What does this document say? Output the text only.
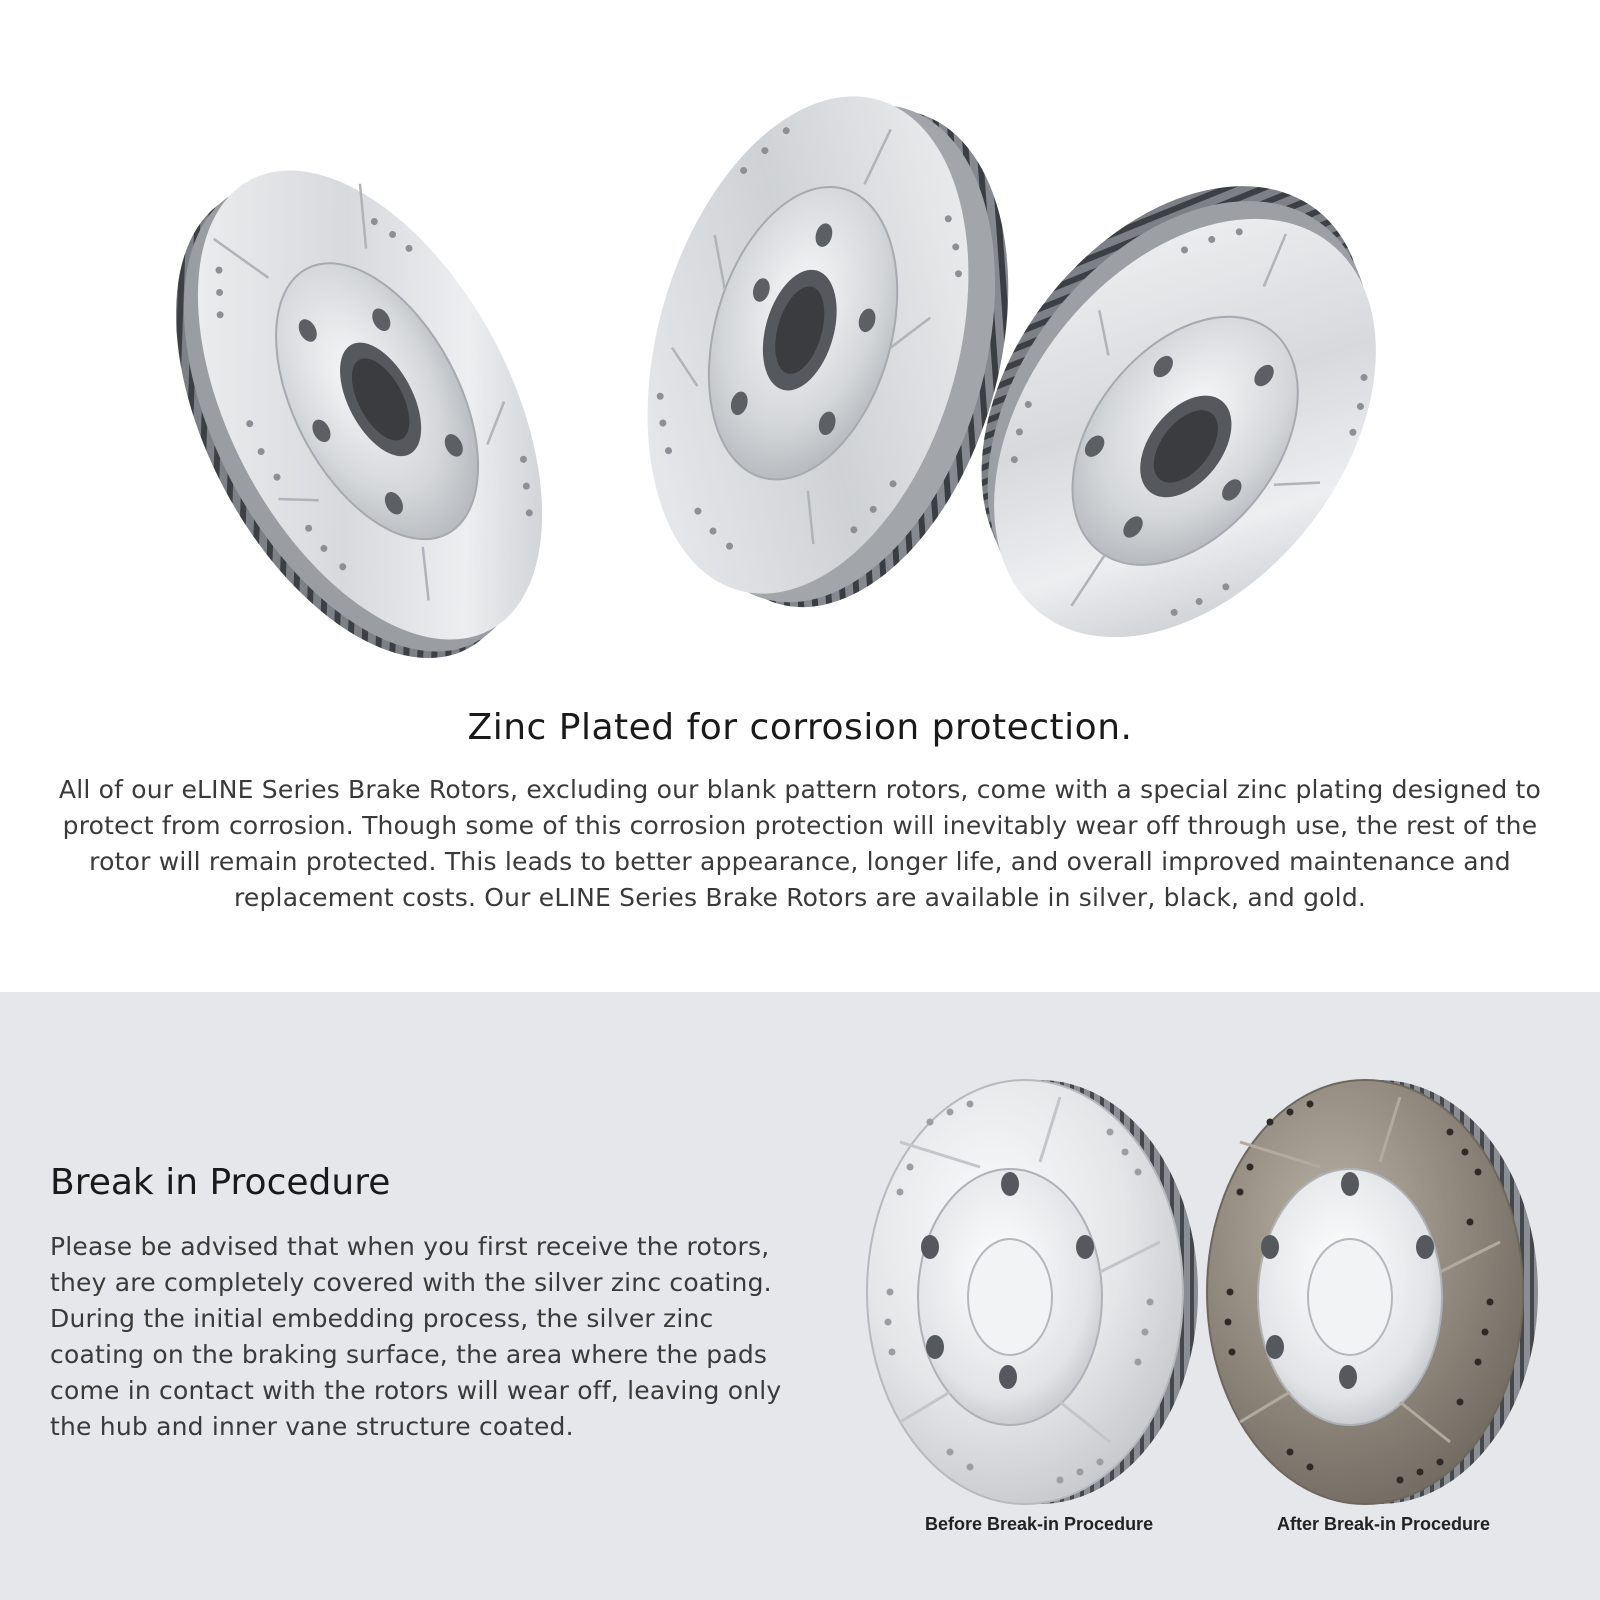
Zinc Plated for corrosion protection.

All of our eLINE Series Brake Rotors, excluding our blank pattern rotors, come with a special zinc plating designed to protect from corrosion. Though some of this corrosion protection will inevitably wear off through use, the rest of the rotor will remain protected. This leads to better appearance, longer life, and overall improved maintenance and replacement costs. Our eLINE Series Brake Rotors are available in silver, black, and gold.

Break in Procedure

Please be advised that when you first receive the rotors, they are completely covered with the silver zinc coating. During the initial embedding process, the silver zinc coating on the braking surface, the area where the pads come in contact with the rotors will wear off, leaving only the hub and inner vane structure coated.

Before Break-in Procedure	After Break-in Procedure
